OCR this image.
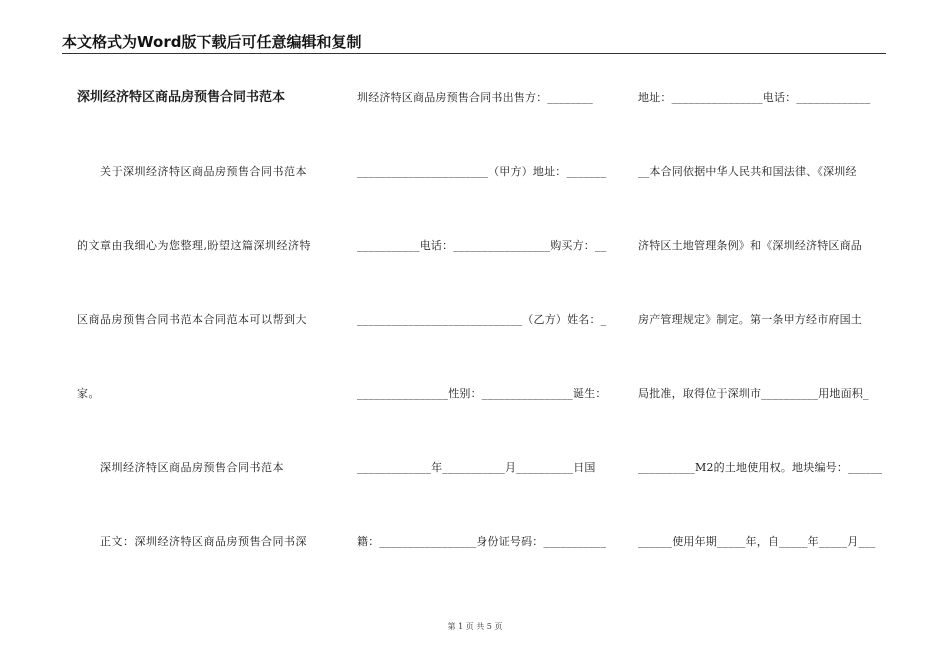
本文格式为Word版下载后可任意编辑和复制
深圳经济特区商品房预售合同书范本
　　关于深圳经济特区商品房预售合同书范本
的文章由我细心为您整理,盼望这篇深圳经济特
区商品房预售合同书范本合同范本可以帮到大
家。
　　深圳经济特区商品房预售合同书范本
　　正文：深圳经济特区商品房预售合同书深
圳经济特区商品房预售合同书出售方：________
_______________________（甲方）地址：_______
___________电话：_________________购买方：__
_____________________________（乙方）姓名：_
________________性别：________________诞生：
_____________年___________月__________日国
籍：_________________身份证号码：___________
地址：________________电话：_____________
__本合同依据中华人民共和国法律、《深圳经
济特区土地管理条例》和《深圳经济特区商品
房产管理规定》制定。第一条甲方经市府国土
局批准，取得位于深圳市__________用地面积_
__________M2的土地使用权。地块编号：______
______使用年期_____年，自_____年_____月___
第 1 页 共 5 页
